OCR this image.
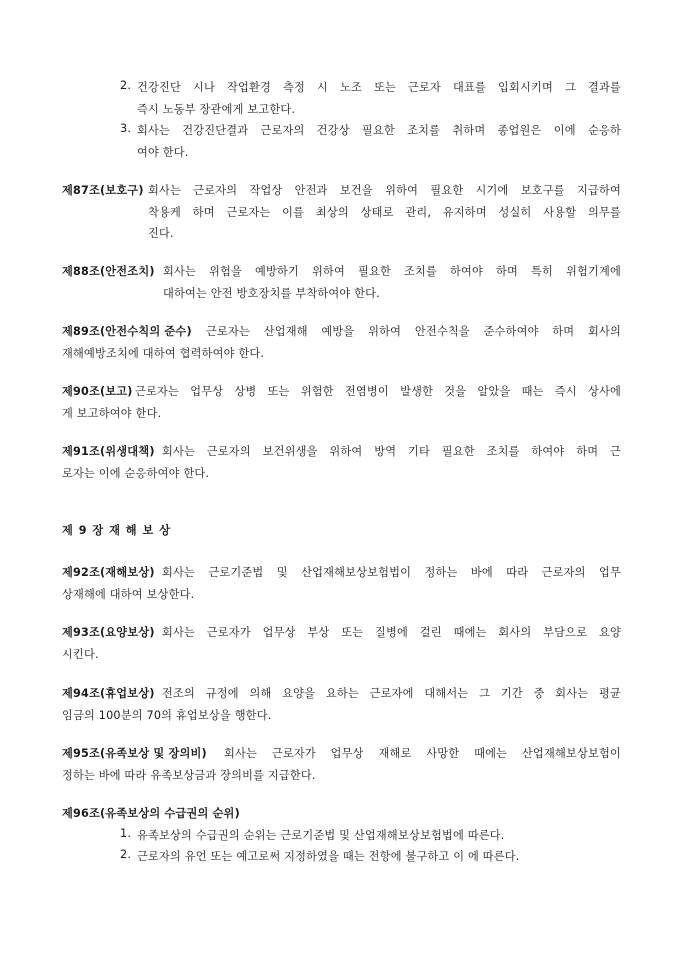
2. 건강진단 시나 작업환경 측정 시 노조 또는 근로자 대표를 입회시키며 그 결과를
즉시 노동부 장관에게 보고한다.
3. 회사는 건강진단결과 근로자의 건강상 필요한 조치를 취하며 종업원은 이에 순응하
여야 한다.
제87조(보호구) 회사는 근로자의 작업상 안전과 보건을 위하여 필요한 시기에 보호구를 지급하여
착용케 하며 근로자는 이를 최상의 상태로 관리, 유지하며 성실히 사용할 의무를
진다.
제88조(안전조치) 회사는 위험을 예방하기 위하여 필요한 조치를 하여야 하며 특히 위험기계에
대하여는 안전 방호장치를 부착하여야 한다.
제89조(안전수칙의 준수) 근로자는 산업재해 예방을 위하여 안전수칙을 준수하여야 하며 회사의
재해예방조치에 대하여 협력하여야 한다.
제90조(보고) 근로자는 업무상 상병 또는 위험한 전염병이 발생한 것을 알았을 때는 즉시 상사에
게 보고하여야 한다.
제91조(위생대책) 회사는 근로자의 보건위생을 위하여 방역 기타 필요한 조치를 하여야 하며 근
로자는 이에 순응하여야 한다.
제 9 장 재 해 보 상
제92조(재해보상) 회사는 근로기준법 및 산업재해보상보험법이 정하는 바에 따라 근로자의 업무
상재해에 대하여 보상한다.
제93조(요양보상) 회사는 근로자가 업무상 부상 또는 질병에 걸린 때에는 회사의 부담으로 요양
시킨다.
제94조(휴업보상) 전조의 규정에 의해 요양을 요하는 근로자에 대해서는 그 기간 중 회사는 평균
임금의 100분의 70의 휴업보상을 행한다.
제95조(유족보상 및 장의비) 회사는 근로자가 업무상 재해로 사망한 때에는 산업재해보상보험이
정하는 바에 따라 유족보상금과 장의비를 지급한다.
제96조(유족보상의 수급권의 순위)
1. 유족보상의 수급권의 순위는 근로기준법 및 산업재해보상보험법에 따른다.
2. 근로자의 유언 또는 예고로써 지정하였을 때는 전항에 불구하고 이 에 따른다.
